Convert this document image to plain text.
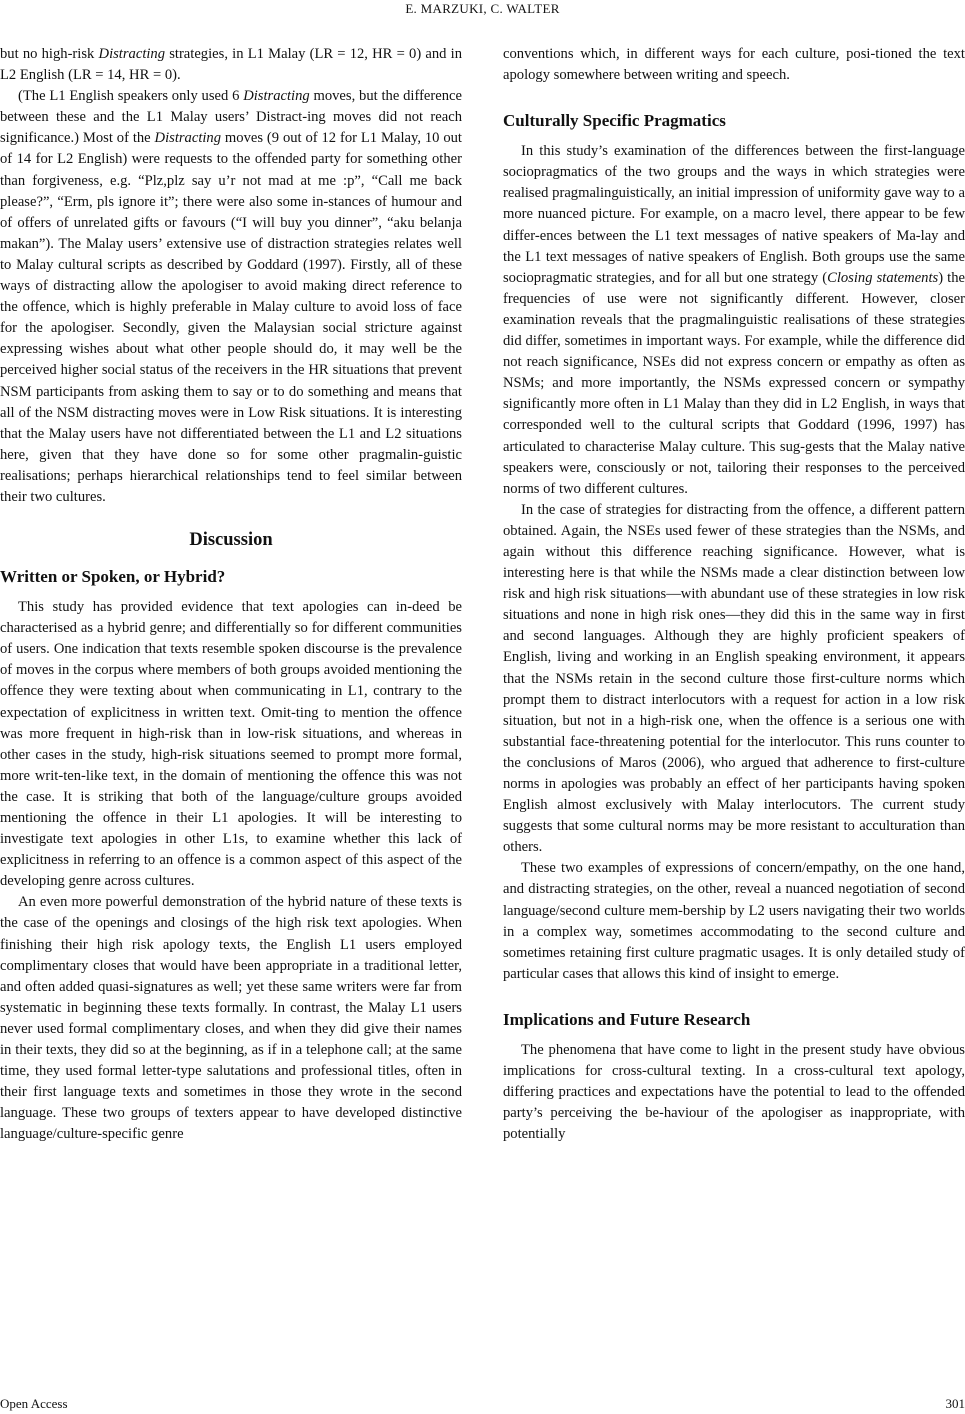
E. MARZUKI, C. WALTER

but no high-risk Distracting strategies, in L1 Malay (LR = 12, HR = 0) and in L2 English (LR = 14, HR = 0).

(The L1 English speakers only used 6 Distracting moves, but the difference between these and the L1 Malay users’ Distract-ing moves did not reach significance.) Most of the Distracting moves (9 out of 12 for L1 Malay, 10 out of 14 for L2 English) were requests to the offended party for something other than forgiveness, e.g. “Plz,plz say u’r not mad at me :p”, “Call me back please?”, “Erm, pls ignore it”; there were also some in-stances of humour and of offers of unrelated gifts or favours (“I will buy you dinner”, “aku belanja makan”). The Malay users’ extensive use of distraction strategies relates well to Malay cultural scripts as described by Goddard (1997). Firstly, all of these ways of distracting allow the apologiser to avoid making direct reference to the offence, which is highly preferable in Malay culture to avoid loss of face for the apologiser. Secondly, given the Malaysian social stricture against expressing wishes about what other people should do, it may well be the perceived higher social status of the receivers in the HR situations that prevent NSM participants from asking them to say or to do something and means that all of the NSM distracting moves were in Low Risk situations. It is interesting that the Malay users have not differentiated between the L1 and L2 situations here, given that they have done so for some other pragmalin-guistic realisations; perhaps hierarchical relationships tend to feel similar between their two cultures.

Discussion
Written or Spoken, or Hybrid?

This study has provided evidence that text apologies can in-deed be characterised as a hybrid genre; and differentially so for different communities of users. One indication that texts resemble spoken discourse is the prevalence of moves in the corpus where members of both groups avoided mentioning the offence they were texting about when communicating in L1, contrary to the expectation of explicitness in written text. Omit-ting to mention the offence was more frequent in high-risk than in low-risk situations, and whereas in other cases in the study, high-risk situations seemed to prompt more formal, more writ-ten-like text, in the domain of mentioning the offence this was not the case. It is striking that both of the language/culture groups avoided mentioning the offence in their L1 apologies. It will be interesting to investigate text apologies in other L1s, to examine whether this lack of explicitness in referring to an offence is a common aspect of this aspect of the developing genre across cultures.

An even more powerful demonstration of the hybrid nature of these texts is the case of the openings and closings of the high risk text apologies. When finishing their high risk apology texts, the English L1 users employed complimentary closes that would have been appropriate in a traditional letter, and often added quasi-signatures as well; yet these same writers were far from systematic in beginning these texts formally. In contrast, the Malay L1 users never used formal complimentary closes, and when they did give their names in their texts, they did so at the beginning, as if in a telephone call; at the same time, they used formal letter-type salutations and professional titles, often in their first language texts and sometimes in those they wrote in the second language. These two groups of texters appear to have developed distinctive language/culture-specific genre

conventions which, in different ways for each culture, posi-tioned the text apology somewhere between writing and speech.

Culturally Specific Pragmatics

In this study’s examination of the differences between the first-language sociopragmatics of the two groups and the ways in which strategies were realised pragmalinguistically, an initial impression of uniformity gave way to a more nuanced picture. For example, on a macro level, there appear to be few differ-ences between the L1 text messages of native speakers of Ma-lay and the L1 text messages of native speakers of English. Both groups use the same sociopragmatic strategies, and for all but one strategy (Closing statements) the frequencies of use were not significantly different. However, closer examination reveals that the pragmalinguistic realisations of these strategies did differ, sometimes in important ways. For example, while the difference did not reach significance, NSEs did not express concern or empathy as often as NSMs; and more importantly, the NSMs expressed concern or sympathy significantly more often in L1 Malay than they did in L2 English, in ways that corresponded well to the cultural scripts that Goddard (1996, 1997) has articulated to characterise Malay culture. This sug-gests that the Malay native speakers were, consciously or not, tailoring their responses to the perceived norms of two different cultures.

In the case of strategies for distracting from the offence, a different pattern obtained. Again, the NSEs used fewer of these strategies than the NSMs, and again without this difference reaching significance. However, what is interesting here is that while the NSMs made a clear distinction between low risk and high risk situations—with abundant use of these strategies in low risk situations and none in high risk ones—they did this in the same way in first and second languages. Although they are highly proficient speakers of English, living and working in an English speaking environment, it appears that the NSMs retain in the second culture those first-culture norms which prompt them to distract interlocutors with a request for action in a low risk situation, but not in a high-risk one, when the offence is a serious one with substantial face-threatening potential for the interlocutor. This runs counter to the conclusions of Maros (2006), who argued that adherence to first-culture norms in apologies was probably an effect of her participants having spoken English almost exclusively with Malay interlocutors. The current study suggests that some cultural norms may be more resistant to acculturation than others.

These two examples of expressions of concern/empathy, on the one hand, and distracting strategies, on the other, reveal a nuanced negotiation of second language/second culture mem-bership by L2 users navigating their two worlds in a complex way, sometimes accommodating to the second culture and sometimes retaining first culture pragmatic usages. It is only detailed study of particular cases that allows this kind of insight to emerge.

Implications and Future Research

The phenomena that have come to light in the present study have obvious implications for cross-cultural texting. In a cross-cultural text apology, differing practices and expectations have the potential to lead to the offended party’s perceiving the be-haviour of the apologiser as inappropriate, with potentially

Open Access	301
